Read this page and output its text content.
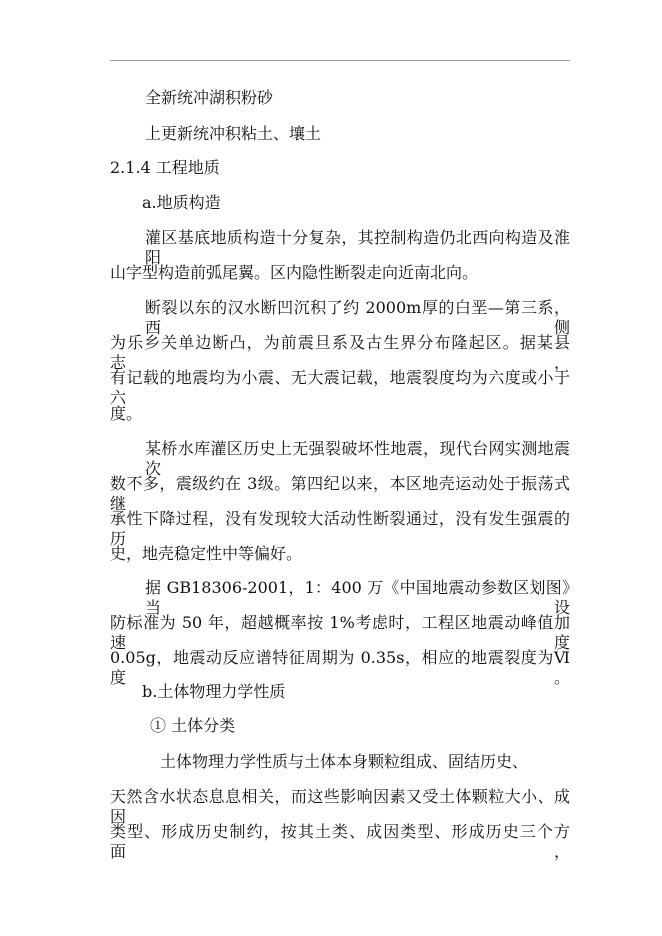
全新统冲湖积粉砂
上更新统冲积粘土、壤土
2.1.4 工程地质
a.地质构造
灌区基底地质构造十分复杂，其控制构造仍北西向构造及淮阳
山字型构造前弧尾翼。区内隐性断裂走向近南北向。
断裂以东的汉水断凹沉积了约 2000m厚的白垩—第三系，西侧
为乐乡关单边断凸，为前震旦系及古生界分布隆起区。据某县志，
有记载的地震均为小震、无大震记载，地震裂度均为六度或小于六
度。
某桥水库灌区历史上无强裂破坏性地震，现代台网实测地震次
数不多，震级约在 3级。第四纪以来，本区地壳运动处于振荡式继
承性下降过程，没有发现较大活动性断裂通过，没有发生强震的历
史，地壳稳定性中等偏好。
据 GB18306-2001，1：400 万《中国地震动参数区划图》当设
防标准为 50 年，超越概率按 1%考虑时，工程区地震动峰值加速度
0.05g，地震动反应谱特征周期为 0.35s，相应的地震裂度为Ⅵ度。
b.土体物理力学性质
① 土体分类
土体物理力学性质与土体本身颗粒组成、固结历史、
天然含水状态息息相关，而这些影响因素又受土体颗粒大小、成因
类型、形成历史制约，按其土类、成因类型、形成历史三个方面，
